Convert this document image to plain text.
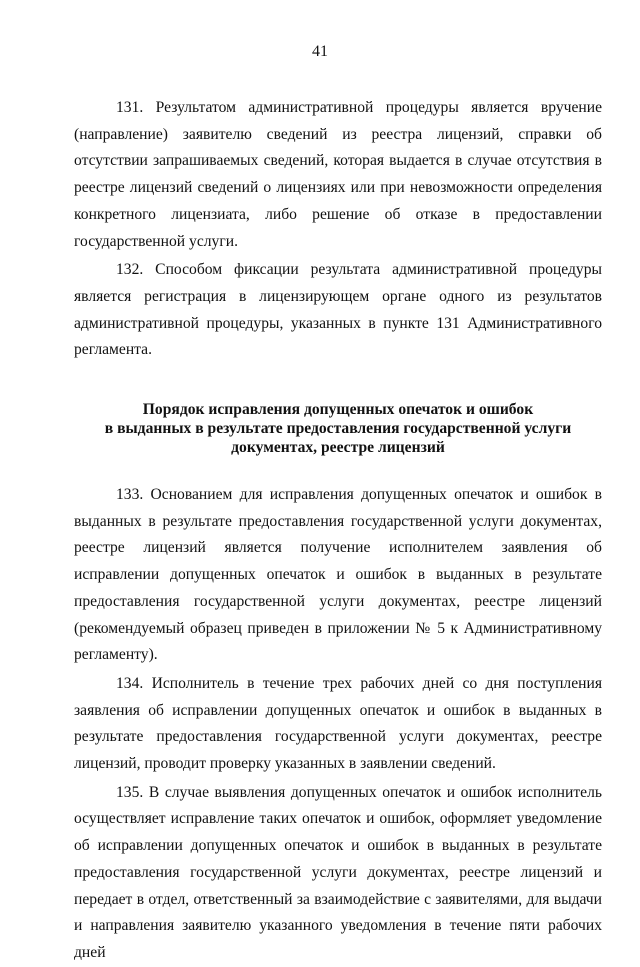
41

131. Результатом административной процедуры является вручение (направление) заявителю сведений из реестра лицензий, справки об отсутствии запрашиваемых сведений, которая выдается в случае отсутствия в реестре лицензий сведений о лицензиях или при невозможности определения конкретного лицензиата, либо решение об отказе в предоставлении государственной услуги.

132. Способом фиксации результата административной процедуры является регистрация в лицензирующем органе одного из результатов административной процедуры, указанных в пункте 131 Административного регламента.

Порядок исправления допущенных опечаток и ошибок
в выданных в результате предоставления государственной услуги
документах, реестре лицензий

133. Основанием для исправления допущенных опечаток и ошибок в выданных в результате предоставления государственной услуги документах, реестре лицензий является получение исполнителем заявления об исправлении допущенных опечаток и ошибок в выданных в результате предоставления государственной услуги документах, реестре лицензий (рекомендуемый образец приведен в приложении № 5 к Административному регламенту).

134. Исполнитель в течение трех рабочих дней со дня поступления заявления об исправлении допущенных опечаток и ошибок в выданных в результате предоставления государственной услуги документах, реестре лицензий, проводит проверку указанных в заявлении сведений.

135. В случае выявления допущенных опечаток и ошибок исполнитель осуществляет исправление таких опечаток и ошибок, оформляет уведомление об исправлении допущенных опечаток и ошибок в выданных в результате предоставления государственной услуги документах, реестре лицензий и передает в отдел, ответственный за взаимодействие с заявителями, для выдачи и направления заявителю указанного уведомления в течение пяти рабочих дней
